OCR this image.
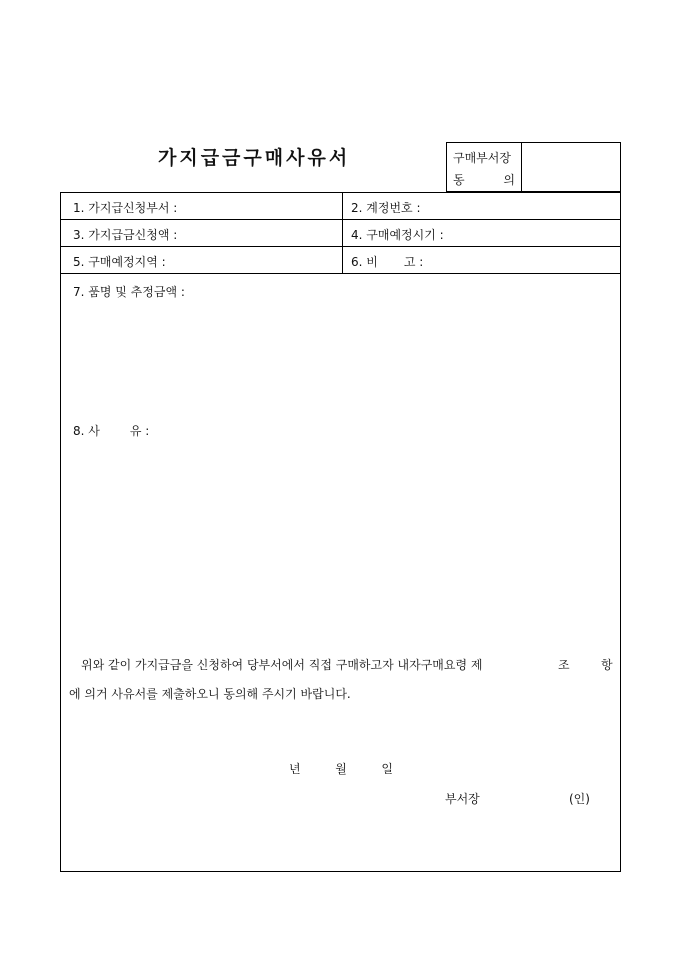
가지급금구매사유서	구매부서장
동	의
1. 가지급신청부서 :	2. 계정번호 :
3. 가지급금신청액 :	4. 구매예정시기 :
5. 구매예정지역 :	6. 비 고 :
7. 품명 및 추정금액 :
8. 사	유 :
위와 같이 가지급금을 신청하여 당부서에서 직접 구매하고자 내자구매요령 제	조	항
에 의거 사유서를 제출하오니 동의해 주시기 바랍니다.
년	월	일
부서장	(인)
